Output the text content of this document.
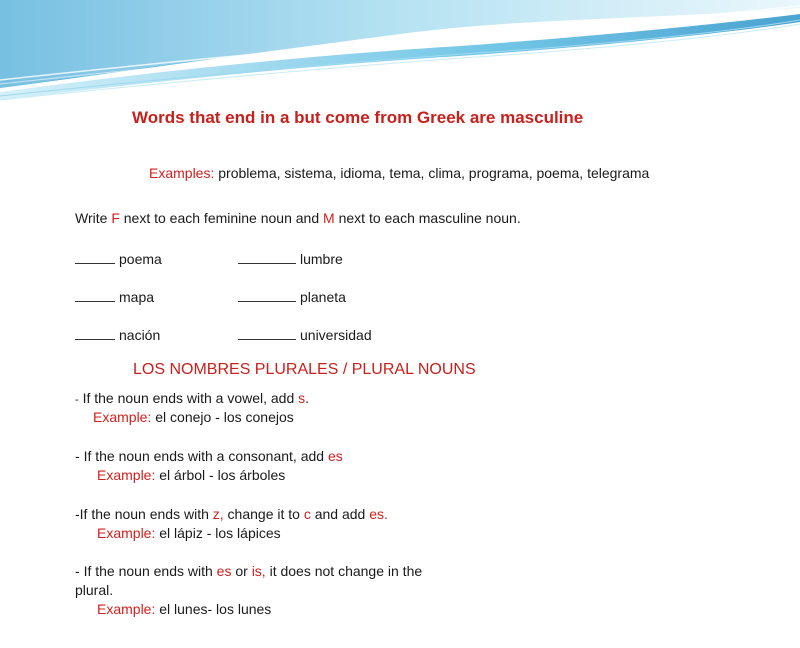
Words that end in a but come from Greek are masculine
Examples: problema, sistema, idioma, tema, clima, programa, poema, telegrama
Write F next to each feminine noun and M next to each masculine noun.
poema	lumbre
mapa	planeta
nación	universidad
LOS NOMBRES PLURALES / PLURAL NOUNS
- If the noun ends with a vowel, add s.
Example: el conejo - los conejos
- If the noun ends with a consonant, add es
Example: el árbol - los árboles
-If the noun ends with z, change it to c and add es.
Example: el lápiz - los lápices
- If the noun ends with es or is, it does not change in the
plural.
Example: el lunes- los lunes
